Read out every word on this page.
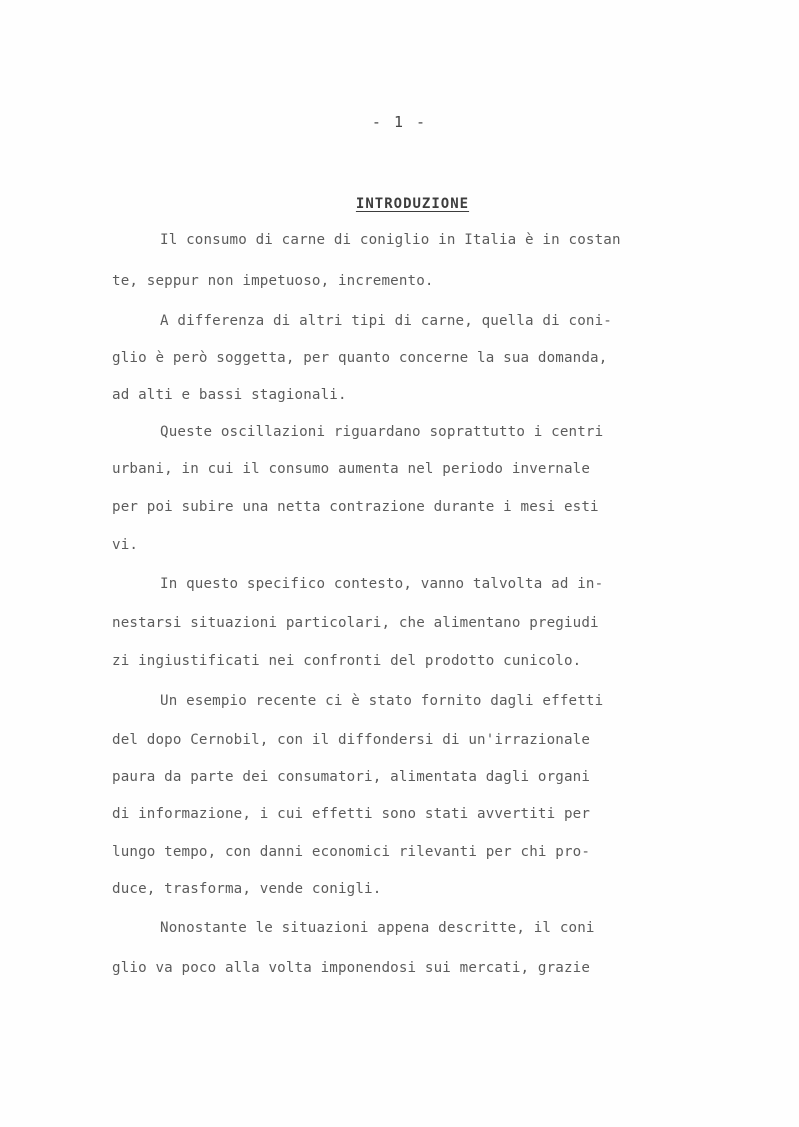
- 1 -
INTRODUZIONE
Il consumo di carne di coniglio in Italia è in costan
te, seppur non impetuoso, incremento.
A differenza di altri tipi di carne, quella di coni-
glio è però soggetta, per quanto concerne la sua domanda,
ad alti e bassi stagionali.
Queste oscillazioni riguardano soprattutto i centri
urbani, in cui il consumo aumenta nel periodo invernale
per poi subire una netta contrazione durante i mesi esti
vi.
In questo specifico contesto, vanno talvolta ad in-
nestarsi situazioni particolari, che alimentano pregiudi
zi ingiustificati nei confronti del prodotto cunicolo.
Un esempio recente ci è stato fornito dagli effetti
del dopo Cernobil, con il diffondersi di un'irrazionale
paura da parte dei consumatori, alimentata dagli organi
di informazione, i cui effetti sono stati avvertiti per
lungo tempo, con danni economici rilevanti per chi pro-
duce, trasforma, vende conigli.
Nonostante le situazioni appena descritte, il coni
glio va poco alla volta imponendosi sui mercati, grazie
